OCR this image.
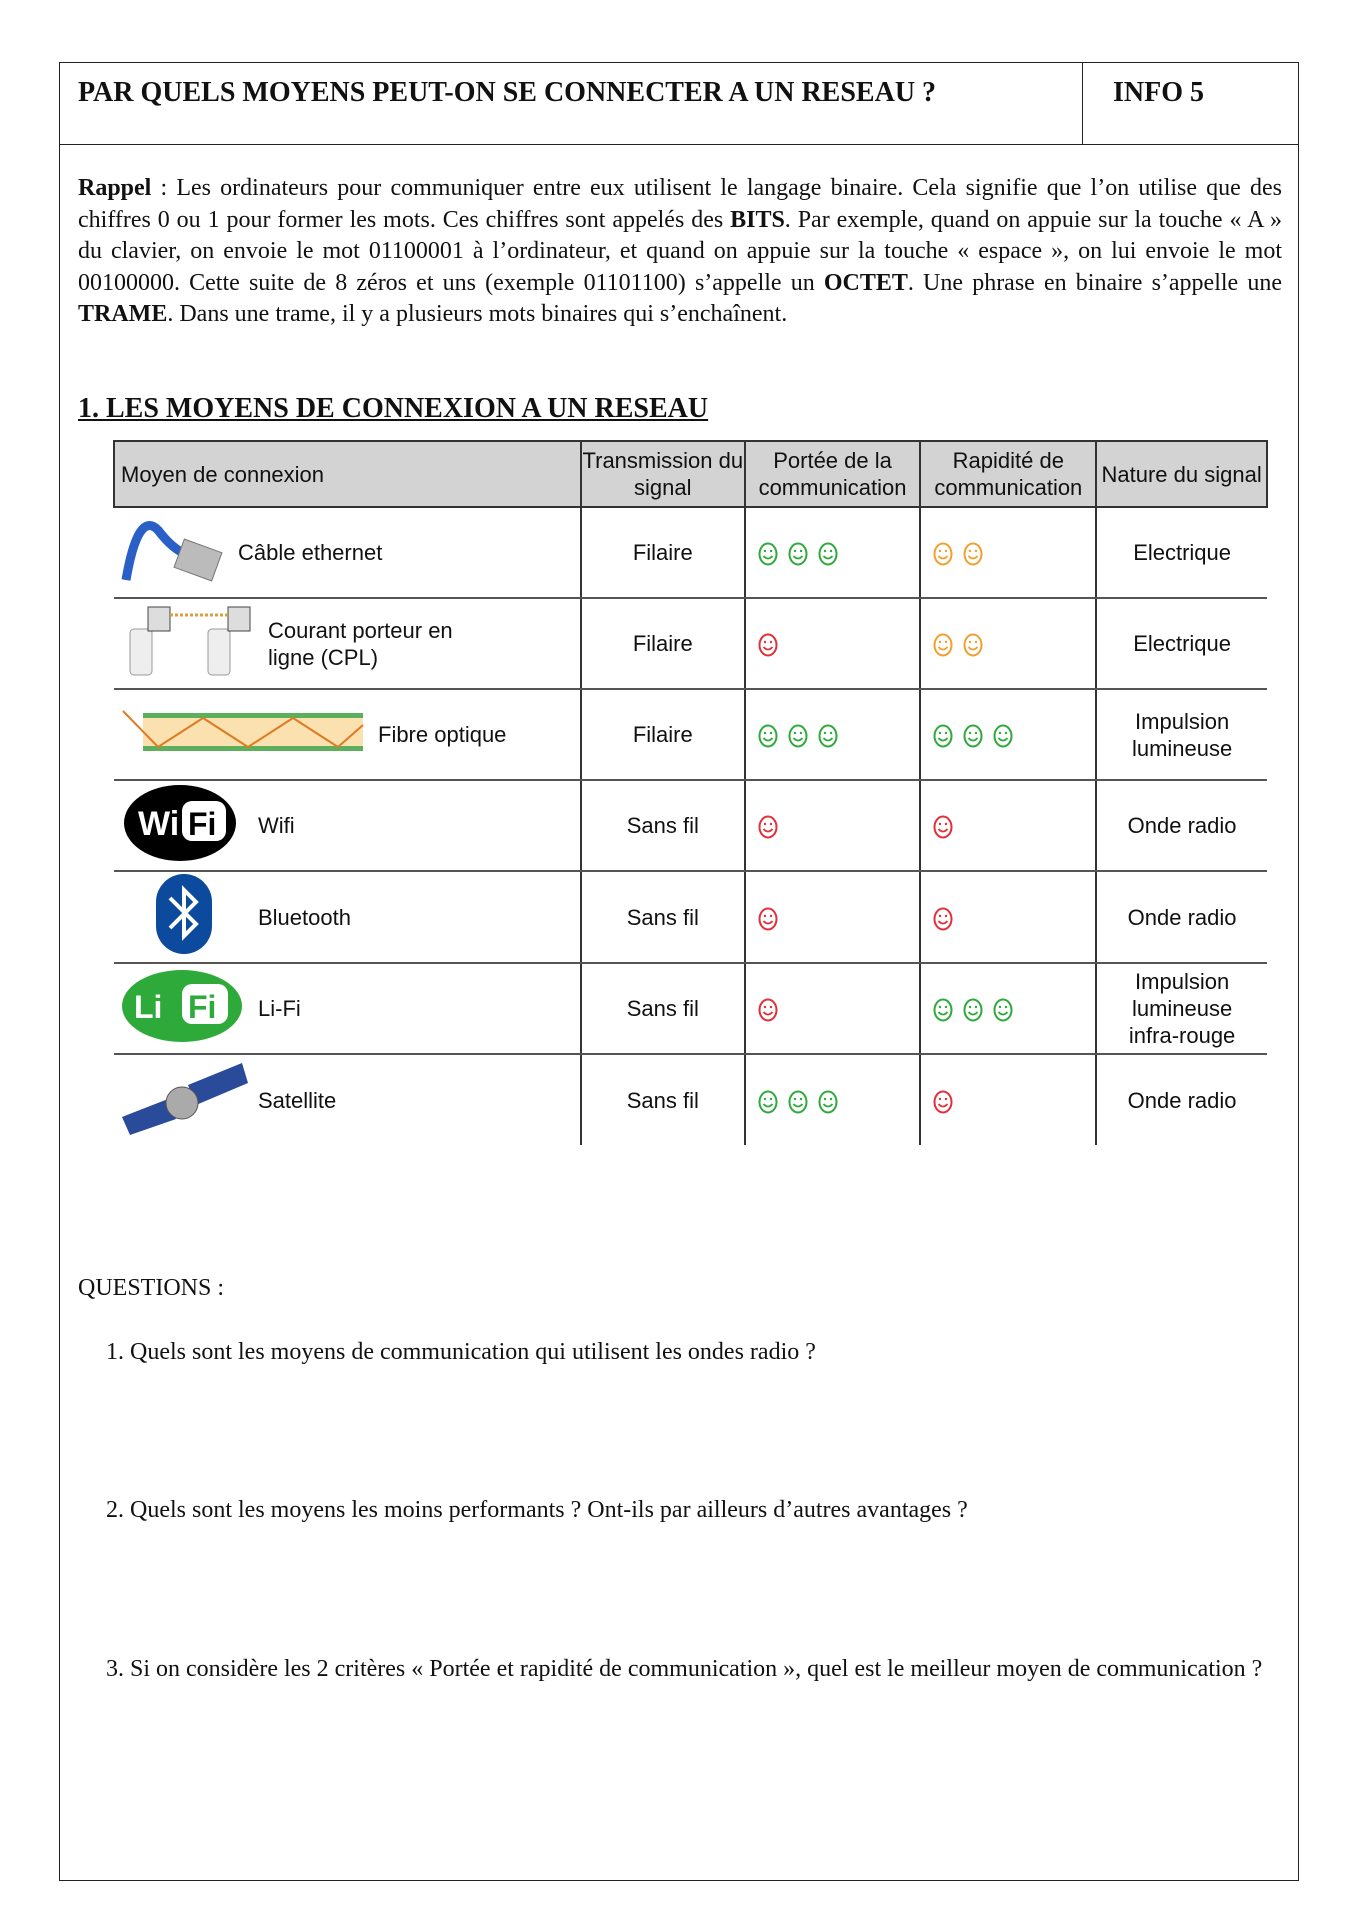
PAR QUELS MOYENS PEUT-ON SE CONNECTER A UN RESEAU ?	INFO 5

Rappel : Les ordinateurs pour communiquer entre eux utilisent le langage binaire. Cela signifie que l’on utilise que des chiffres 0 ou 1 pour former les mots. Ces chiffres sont appelés des BITS. Par exemple, quand on appuie sur la touche « A » du clavier, on envoie le mot 01100001 à l’ordinateur, et quand on appuie sur la touche « espace », on lui envoie le mot 00100000. Cette suite de 8 zéros et uns (exemple 01101100) s’appelle un OCTET. Une phrase en binaire s’appelle une TRAME. Dans une trame, il y a plusieurs mots binaires qui s’enchaînent.

1. LES MOYENS DE CONNEXION A UN RESEAU
Moyen de connexion	Transmission du signal	Portée de la communication	Rapidité de communication	Nature du signal

Câble ethernet	Filaire			Electrique

Courant porteur en ligne (CPL)	Filaire			Electrique

Fibre optique	Filaire			Impulsion lumineuse

Wi Fi Wifi	Sans fil			Onde radio

Bluetooth	Sans fil			Onde radio

Li Fi Li-Fi	Sans fil			Impulsion lumineuse infra-rouge

Satellite	Sans fil			Onde radio
QUESTIONS :
1. Quels sont les moyens de communication qui utilisent les ondes radio ?
2. Quels sont les moyens les moins performants ? Ont-ils par ailleurs d’autres avantages ?
3. Si on considère les 2 critères « Portée et rapidité de communication », quel est le meilleur moyen de communication ?
